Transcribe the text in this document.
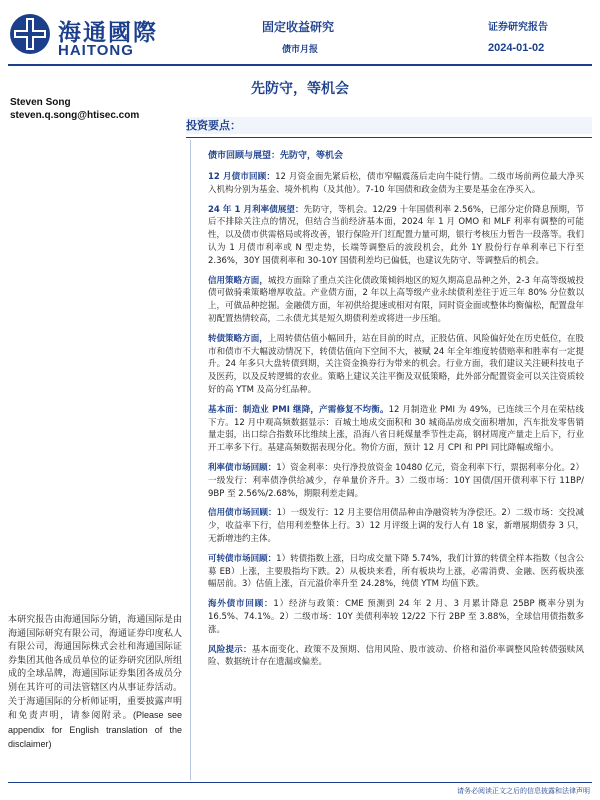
海通國際
HAITONG
固定收益研究
债市月报
证券研究报告
2024-01-02
先防守，等机会
Steven Song
steven.q.song@htisec.com
投资要点：
债市回顾与展望：先防守，等机会

12 月债市回顾：12 月资金面先紧后松，债市窄幅震荡后走向牛陡行情。二级市场前两位最大净买入机构分别为基金、境外机构（及其他）。7-10 年国债和政金债为主要是基金在净买入。

24 年 1 月利率债展望：先防守，等机会。12/29 十年国债利率 2.56%，已部分定价降息预期，节后不排除关注点的情况，但结合当前经济基本面，2024 年 1 月 OMO 和 MLF 利率有调整的可能性，以及债市供需格局或将改善，银行保险开门红配置力量可期，银行考核压力暂告一段落等。我们认为 1 月债市利率或 N 型走势，长端等调整后的波段机会，此外 1Y 股份行存单利率已下行至 2.36%，30Y 国债利率和 30-10Y 国债利差均已偏低，也建议先防守、等调整后的机会。

信用策略方面，城投方面除了重点关注化债政策倾斜地区的短久期高息品种之外，2-3 年高等级城投债可做骑乘策略增厚收益。产业债方面，2 年以上高等级产业永续债利差往于近三年 80% 分位数以上，可做品种挖掘。金融债方面，年初供给提速或相对有限，同时资金面或整体均衡偏松，配置盘年初配置热情较高，二永债尤其是短久期债利差或将进一步压缩。

转债策略方面，上周转债估值小幅回升，站在目前的时点，正股估值、风险偏好处在历史低位，在股市和债市不大幅波动情况下，转债估值向下空间不大，被赋 24 年全年维度转债赔率和胜率有一定提升。24 年多只大盘转债到期，关注资金换券行为带来的机会。行业方面，我们建议关注硬科技电子及医药，以及反转逻辑的农业。策略上建议关注平衡及双低策略，此外部分配置资金可以关注资质较好的高 YTM 及高分红品种。

基本面：制造业 PMI 继降，产需修复不均衡。12 月制造业 PMI 为 49%，已连续三个月在荣枯线下方。12 月中观高频数据显示：百城土地成交面积和 30 城商品房成交面积增加，汽车批发零售销量走弱，出口综合指数环比维续上涨，沿海八省日耗煤量季节性走高，钢材周度产量走上后下，行业开工率多下行。基建高频数据表现分化。物价方面，预计 12 月 CPI 和 PPI 同比降幅或缩小。

利率债市场回顾：1）资金利率：央行净投放资金 10480 亿元，资金利率下行，票据利率分化。2）一级发行：利率债净供给减少，存单量价齐升。3）二级市场：10Y 国债/国开债利率下行 11BP/ 9BP 至 2.56%/2.68%，期限利差走阔。

信用债市场回顾：1）一级发行：12 月主要信用债品种由净融资转为净偿还。2）二级市场：交投减少，收益率下行，信用利差整体上行。3）12 月评级上调的发行人有 18 家，新增展期债券 3 只，无新增违约主体。

可转债市场回顾：1）转债指数上涨，日均成交量下降 5.74%，我们计算的转债全样本指数（包含公募 EB）上涨，主要股指均下跌。2）从板块来看，所有板块均上涨，必需消费、金融、医药板块涨幅居前。3）估值上涨，百元溢价率升至 24.28%，纯债 YTM 均值下跌。

海外债市回顾：1）经济与政策：CME 预测到 24 年 2 月、3 月累计降息 25BP 概率分别为 16.5%、74.1%。2）二级市场：10Y 美债利率较 12/22 下行 2BP 至 3.88%，全球信用债指数多涨。

风险提示：基本面变化、政策不及预期、信用风险、股市波动、价格和溢价率调整风险转债强赎风险、数据统计存在遗漏或偏差。

本研究报告由海通国际分销，海通国际是由海通国际研究有限公司，海通证券印度私人有限公司，海通国际株式会社和海通国际证券集团其他各成员单位的证券研究团队所组成的全球品牌，海通国际证券集团各成员分别在其许可的司法管辖区内从事证券活动。关于海通国际的分析师证明，重要披露声明和免责声明，请参阅附录。(Please see appendix for English translation of the disclaimer)
请务必阅读正文之后的信息披露和法律声明
